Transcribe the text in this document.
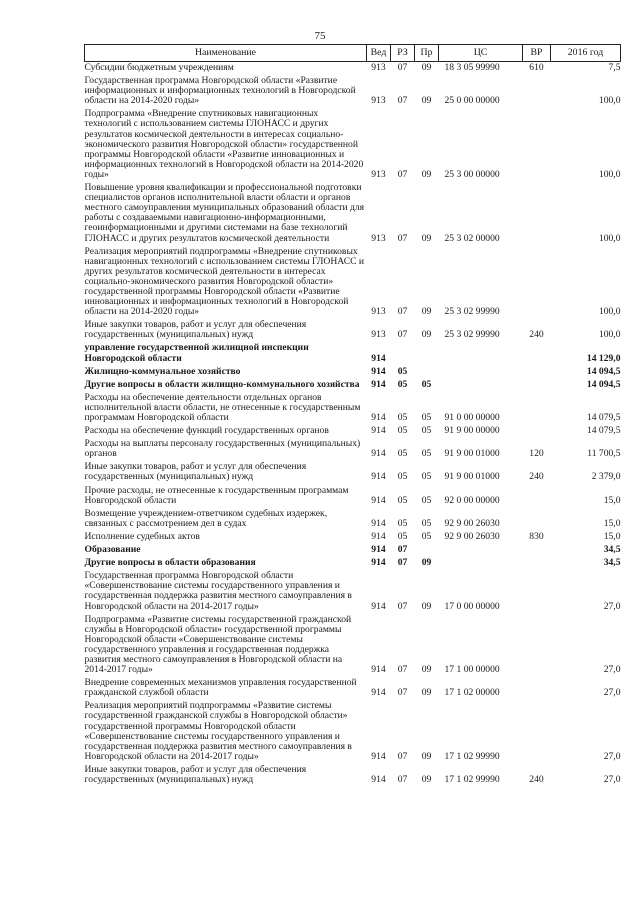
75
Наименование	Вед	РЗ	Пр	ЦС	ВР	2016 год
Субсидии бюджетным учреждениям	913	07	09	18 3 05 99990	610	7,5
Государственная программа Новгородской области «Развитие информационных и информационных технологий в Новгородской области на 2014-2020 годы»	913	07	09	25 0 00 00000		100,0
Подпрограмма «Внедрение спутниковых навигационных технологий с использованием системы ГЛОНАСС и других результатов космической деятельности в интересах социально-экономического развития Новгородской области» государственной программы Новгородской области «Развитие инновационных и информационных технологий в Новгородской области на 2014-2020 годы»	913	07	09	25 3 00 00000		100,0
Повышение уровня квалификации и профессиональной подготовки специалистов органов исполнительной власти области и органов местного самоуправления муниципальных образований области для работы с создаваемыми навигационно-информационными, геоинформационными и другими системами на базе технологий ГЛОНАСС и других результатов космической деятельности	913	07	09	25 3 02 00000		100,0
Реализация мероприятий подпрограммы «Внедрение спутниковых навигационных технологий с использованием системы ГЛОНАСС и других результатов космической деятельности в интересах социально-экономического развития Новгородской области» государственной программы Новгородской области «Развитие инновационных и информационных технологий в Новгородской области на 2014-2020 годы»	913	07	09	25 3 02 99990		100,0
Иные закупки товаров, работ и услуг для обеспечения государственных (муниципальных) нужд	913	07	09	25 3 02 99990	240	100,0
управление государственной жилищной инспекции Новгородской области	914					14 129,0
Жилищно-коммунальное хозяйство	914	05				14 094,5
Другие вопросы в области жилищно-коммунального хозяйства	914	05	05			14 094,5
Расходы на обеспечение деятельности отдельных органов исполнительной власти области, не отнесенные к государственным программам Новгородской области	914	05	05	91 0 00 00000		14 079,5
Расходы на обеспечение функций государственных органов	914	05	05	91 9 00 00000		14 079,5
Расходы на выплаты персоналу государственных (муниципальных) органов	914	05	05	91 9 00 01000	120	11 700,5
Иные закупки товаров, работ и услуг для обеспечения государственных (муниципальных) нужд	914	05	05	91 9 00 01000	240	2 379,0
Прочие расходы, не отнесенные к государственным программам Новгородской области	914	05	05	92 0 00 00000		15,0
Возмещение учреждением-ответчиком судебных издержек, связанных с рассмотрением дел в судах	914	05	05	92 9 00 26030		15,0
Исполнение судебных актов	914	05	05	92 9 00 26030	830	15,0
Образование	914	07				34,5
Другие вопросы в области образования	914	07	09			34,5
Государственная программа Новгородской области «Совершенствование системы государственного управления и государственная поддержка развития местного самоуправления в Новгородской области на 2014-2017 годы»	914	07	09	17 0 00 00000		27,0
Подпрограмма «Развитие системы государственной гражданской службы в Новгородской области» государственной программы Новгородской области «Совершенствование системы государственного управления и государственная поддержка развития местного самоуправления в Новгородской области на 2014-2017 годы»	914	07	09	17 1 00 00000		27,0
Внедрение современных механизмов управления государственной гражданской службой области	914	07	09	17 1 02 00000		27,0
Реализация мероприятий подпрограммы «Развитие системы государственной гражданской службы в Новгородской области» государственной программы Новгородской области «Совершенствование системы государственного управления и государственная поддержка развития местного самоуправления в Новгородской области на 2014-2017 годы»	914	07	09	17 1 02 99990		27,0
Иные закупки товаров, работ и услуг для обеспечения государственных (муниципальных) нужд	914	07	09	17 1 02 99990	240	27,0
